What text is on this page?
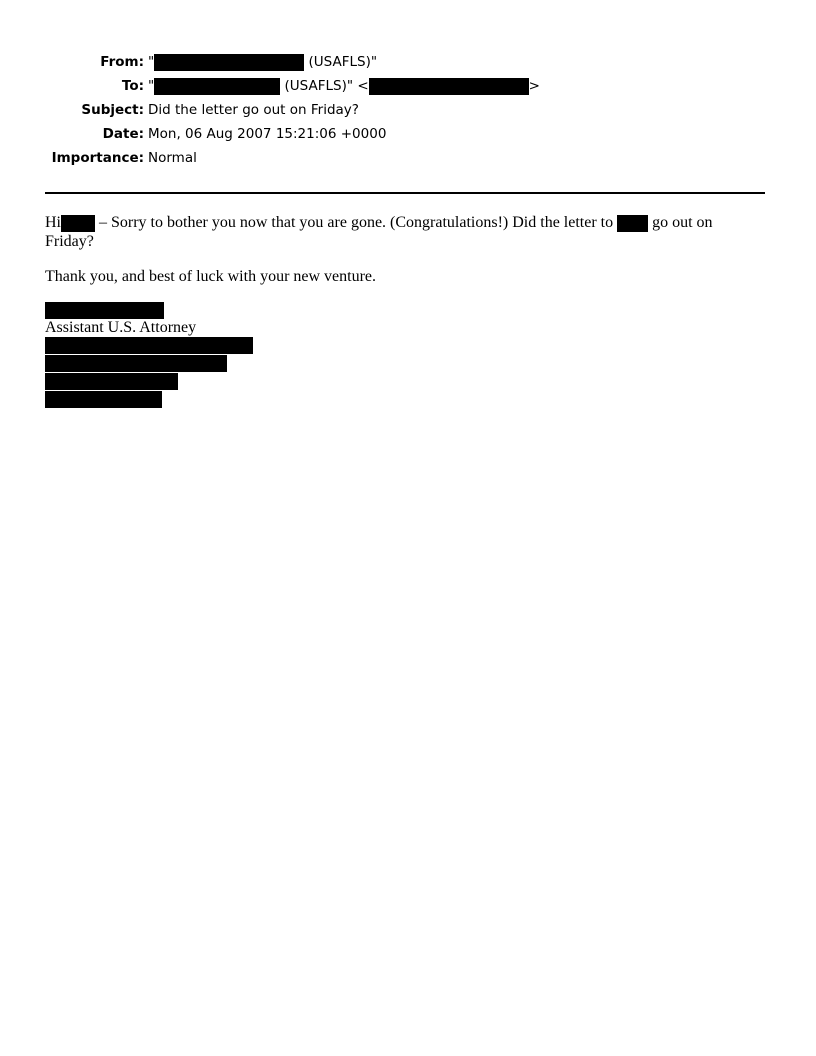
From: "	(USAFLS)"
To: "	(USAFLS)" <	>
Subject: Did the letter go out on Friday?
Date: Mon, 06 Aug 2007 15:21:06 +0000
Importance: Normal

Hi – Sorry to bother you now that you are gone. (Congratulations!) Did the letter to  go out on Friday?

Thank you, and best of luck with your new venture.

Assistant U.S. Attorney
